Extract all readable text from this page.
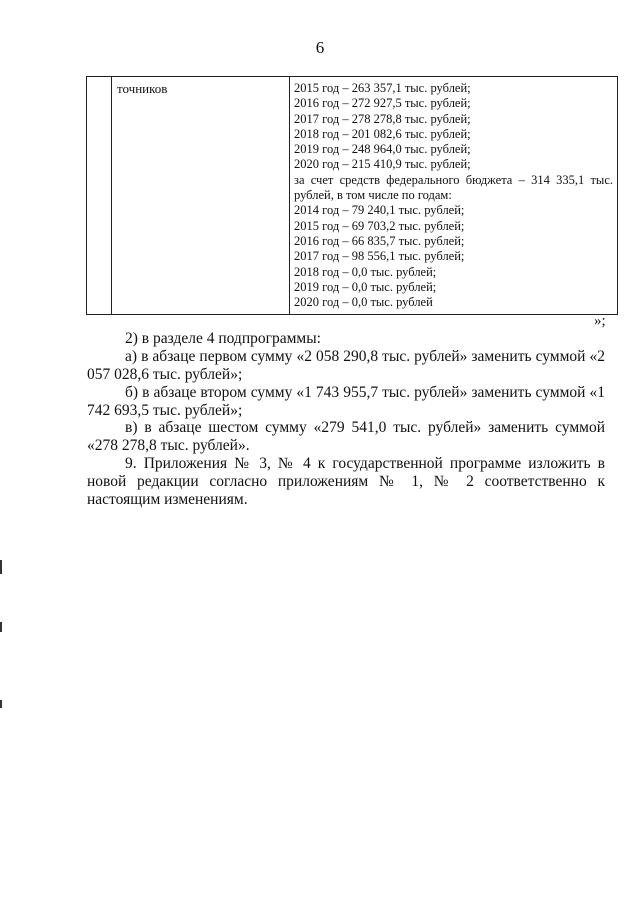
6
	точников	2015 год – 263 357,1 тыс. рублей;
2016 год – 272 927,5 тыс. рублей;
2017 год – 278 278,8 тыс. рублей;
2018 год – 201 082,6 тыс. рублей;
2019 год – 248 964,0 тыс. рублей;
2020 год – 215 410,9 тыс. рублей;
за счет средств федерального бюджета – 314 335,1 тыс. рублей, в том числе по годам:
2014 год – 79 240,1 тыс. рублей;
2015 год – 69 703,2 тыс. рублей;
2016 год – 66 835,7 тыс. рублей;
2017 год – 98 556,1 тыс. рублей;
2018 год – 0,0 тыс. рублей;
2019 год – 0,0 тыс. рублей;
2020 год – 0,0 тыс. рублей
»;
2) в разделе 4 подпрограммы:
а) в абзаце первом сумму «2 058 290,8 тыс. рублей» заменить суммой «2 057 028,6 тыс. рублей»;
б) в абзаце втором сумму «1 743 955,7 тыс. рублей» заменить суммой «1 742 693,5 тыс. рублей»;
в) в абзаце шестом сумму «279 541,0 тыс. рублей» заменить суммой «278 278,8 тыс. рублей».
9. Приложения № 3, № 4 к государственной программе изложить в новой редакции согласно приложениям № 1, № 2 соответственно к настоящим изменениям.
